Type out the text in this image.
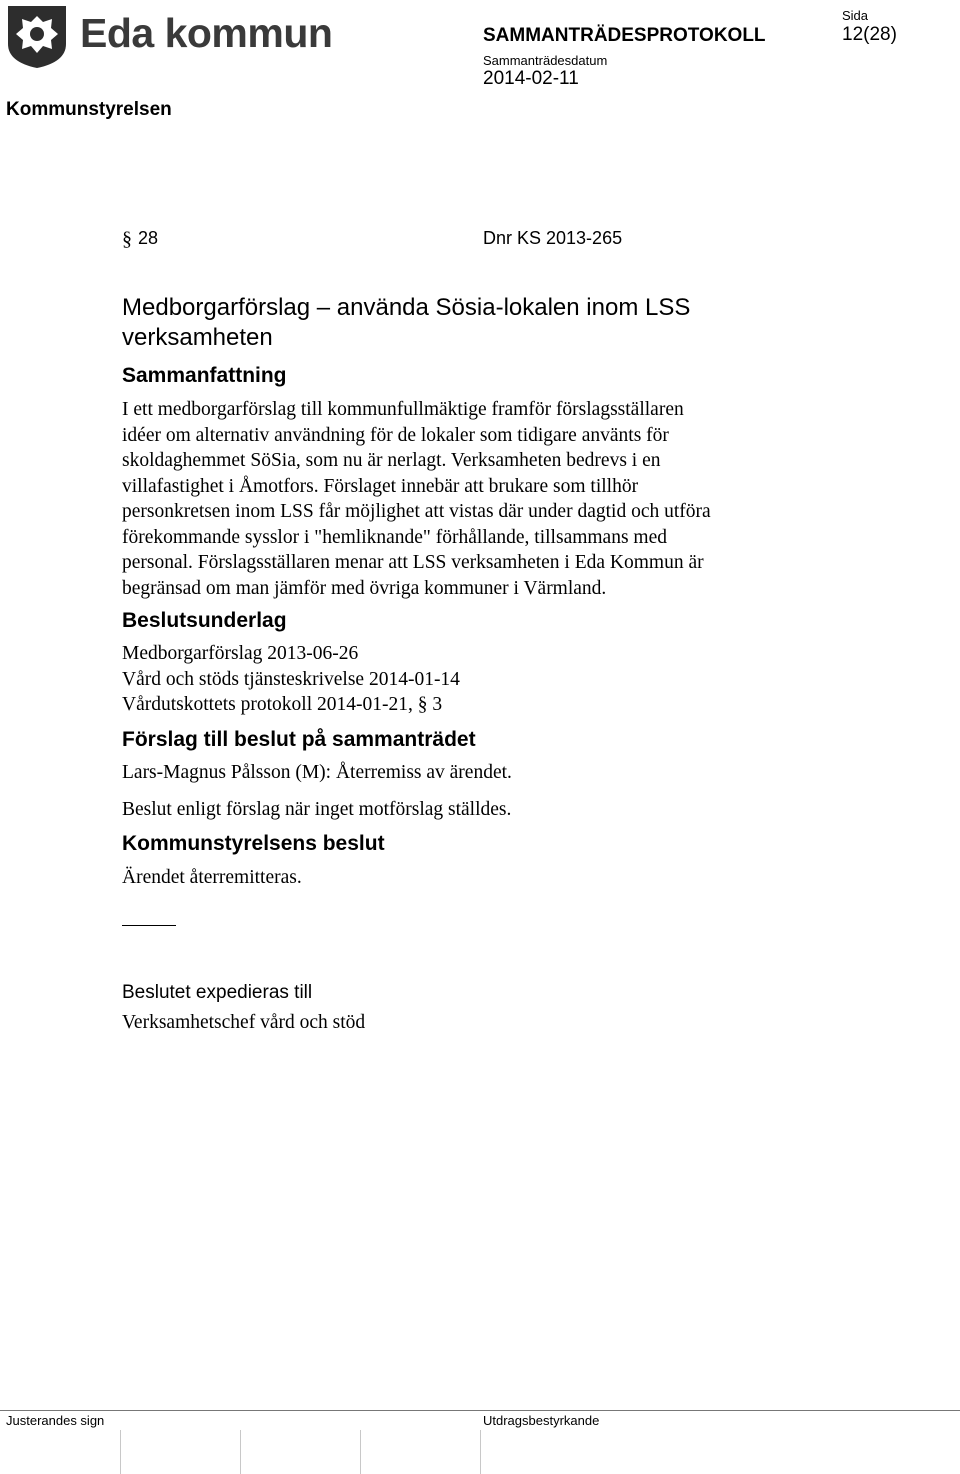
Eda kommun	SAMMANTRÄDESPROTOKOLL
Sammanträdesdatum
2014-02-11
Sida
12(28)
Kommunstyrelsen
§ 28	Dnr KS 2013-265
Medborgarförslag – använda Sösia-lokalen inom LSS verksamheten
Sammanfattning
I ett medborgarförslag till kommunfullmäktige framför förslagsställaren
idéer om alternativ användning för de lokaler som tidigare använts för
skoldaghemmet SöSia, som nu är nerlagt. Verksamheten bedrevs i en
villafastighet i Åmotfors. Förslaget innebär att brukare som tillhör
personkretsen inom LSS får möjlighet att vistas där under dagtid och utföra
förekommande sysslor i "hemliknande" förhållande, tillsammans med
personal. Förslagsställaren menar att LSS verksamheten i Eda Kommun är
begränsad om man jämför med övriga kommuner i Värmland.
Beslutsunderlag
Medborgarförslag 2013-06-26
Vård och stöds tjänsteskrivelse 2014-01-14
Vårdutskottets protokoll 2014-01-21, § 3
Förslag till beslut på sammanträdet
Lars-Magnus Pålsson (M): Återremiss av ärendet.
Beslut enligt förslag när inget motförslag ställdes.
Kommunstyrelsens beslut
Ärendet återremitteras.
Beslutet expedieras till
Verksamhetschef vård och stöd
Justerandes sign	Utdragsbestyrkande
